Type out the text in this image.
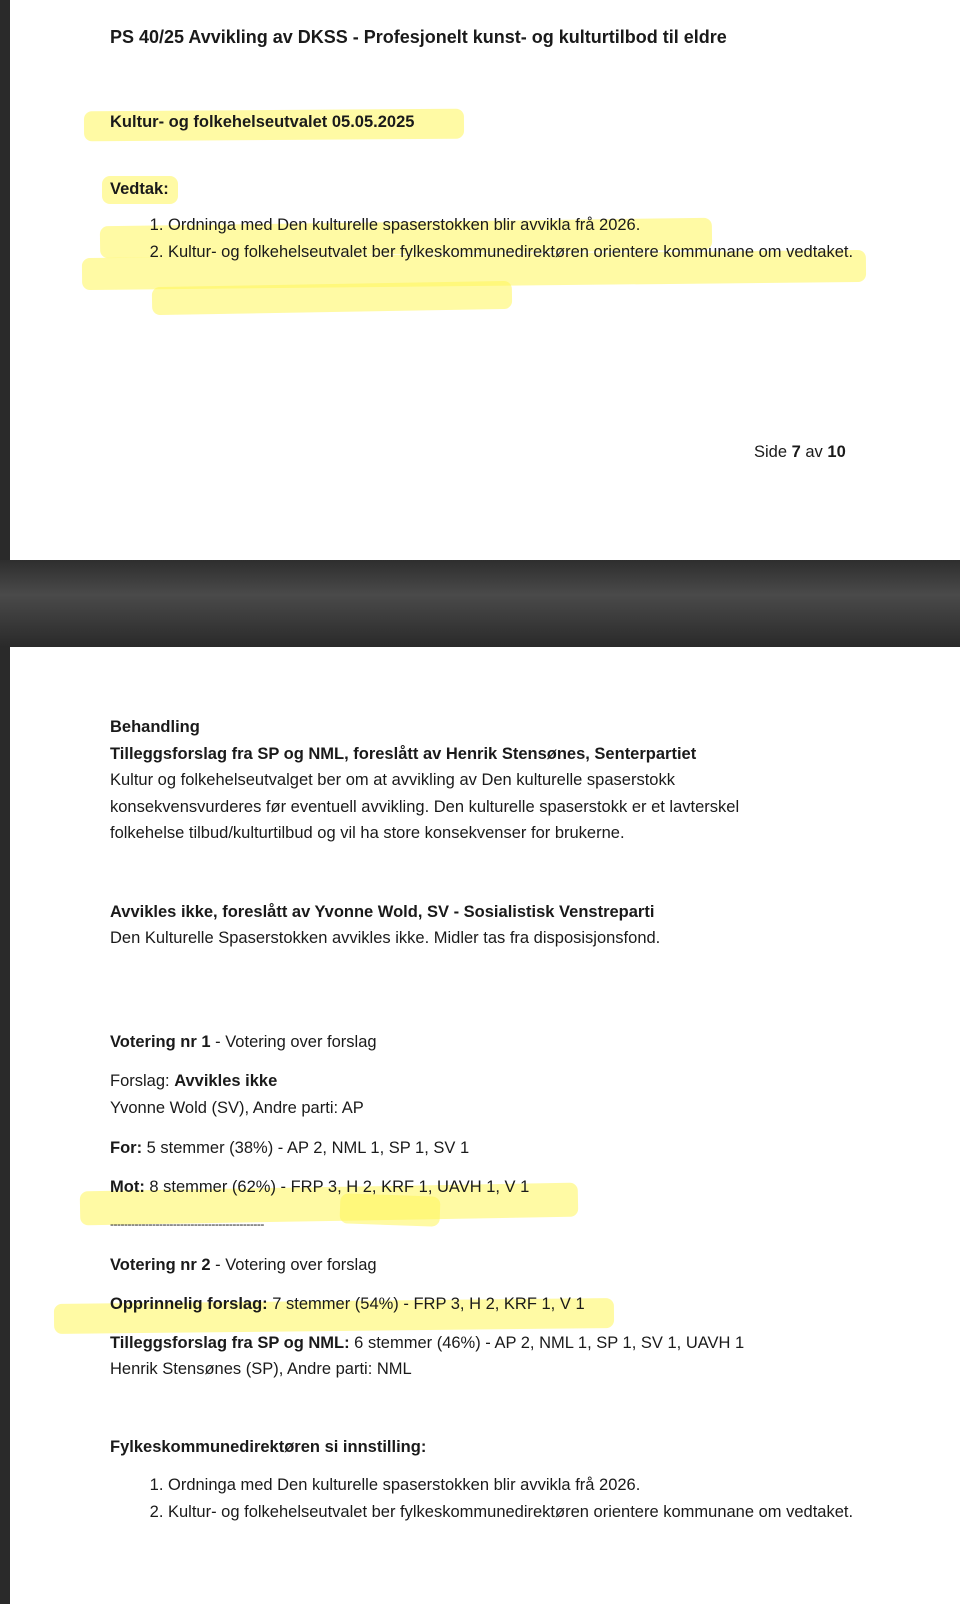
PS 40/25 Avvikling av DKSS - Profesjonelt kunst- og kulturtilbod til eldre
Kultur- og folkehelseutvalet 05.05.2025
Vedtak:
1. Ordninga med Den kulturelle spaserstokken blir avvikla frå 2026.
2. Kultur- og folkehelseutvalet ber fylkeskommunedirektøren orientere kommunane om vedtaket.
Side 7 av 10
Behandling
Tilleggsforslag fra SP og NML, foreslått av Henrik Stensønes, Senterpartiet
Kultur og folkehelseutvalget ber om at avvikling av Den kulturelle spaserstokk
konsekvensvurderes før eventuell avvikling. Den kulturelle spaserstokk er et lavterskel
folkehelse tilbud/kulturtilbud og vil ha store konsekvenser for brukerne.
Avvikles ikke, foreslått av Yvonne Wold, SV - Sosialistisk Venstreparti
Den Kulturelle Spaserstokken avvikles ikke. Midler tas fra disposisjonsfond.
Votering nr 1 - Votering over forslag
Forslag: Avvikles ikke
Yvonne Wold (SV), Andre parti: AP
For: 5 stemmer (38%) - AP 2, NML 1, SP 1, SV 1
Mot: 8 stemmer (62%) - FRP 3, H 2, KRF 1, UAVH 1, V 1
--------------------------------------------
Votering nr 2 - Votering over forslag
Opprinnelig forslag: 7 stemmer (54%) - FRP 3, H 2, KRF 1, V 1
Tilleggsforslag fra SP og NML: 6 stemmer (46%) - AP 2, NML 1, SP 1, SV 1, UAVH 1
Henrik Stensønes (SP), Andre parti: NML
Fylkeskommunedirektøren si innstilling:
1. Ordninga med Den kulturelle spaserstokken blir avvikla frå 2026.
2. Kultur- og folkehelseutvalet ber fylkeskommunedirektøren orientere kommunane om vedtaket.
